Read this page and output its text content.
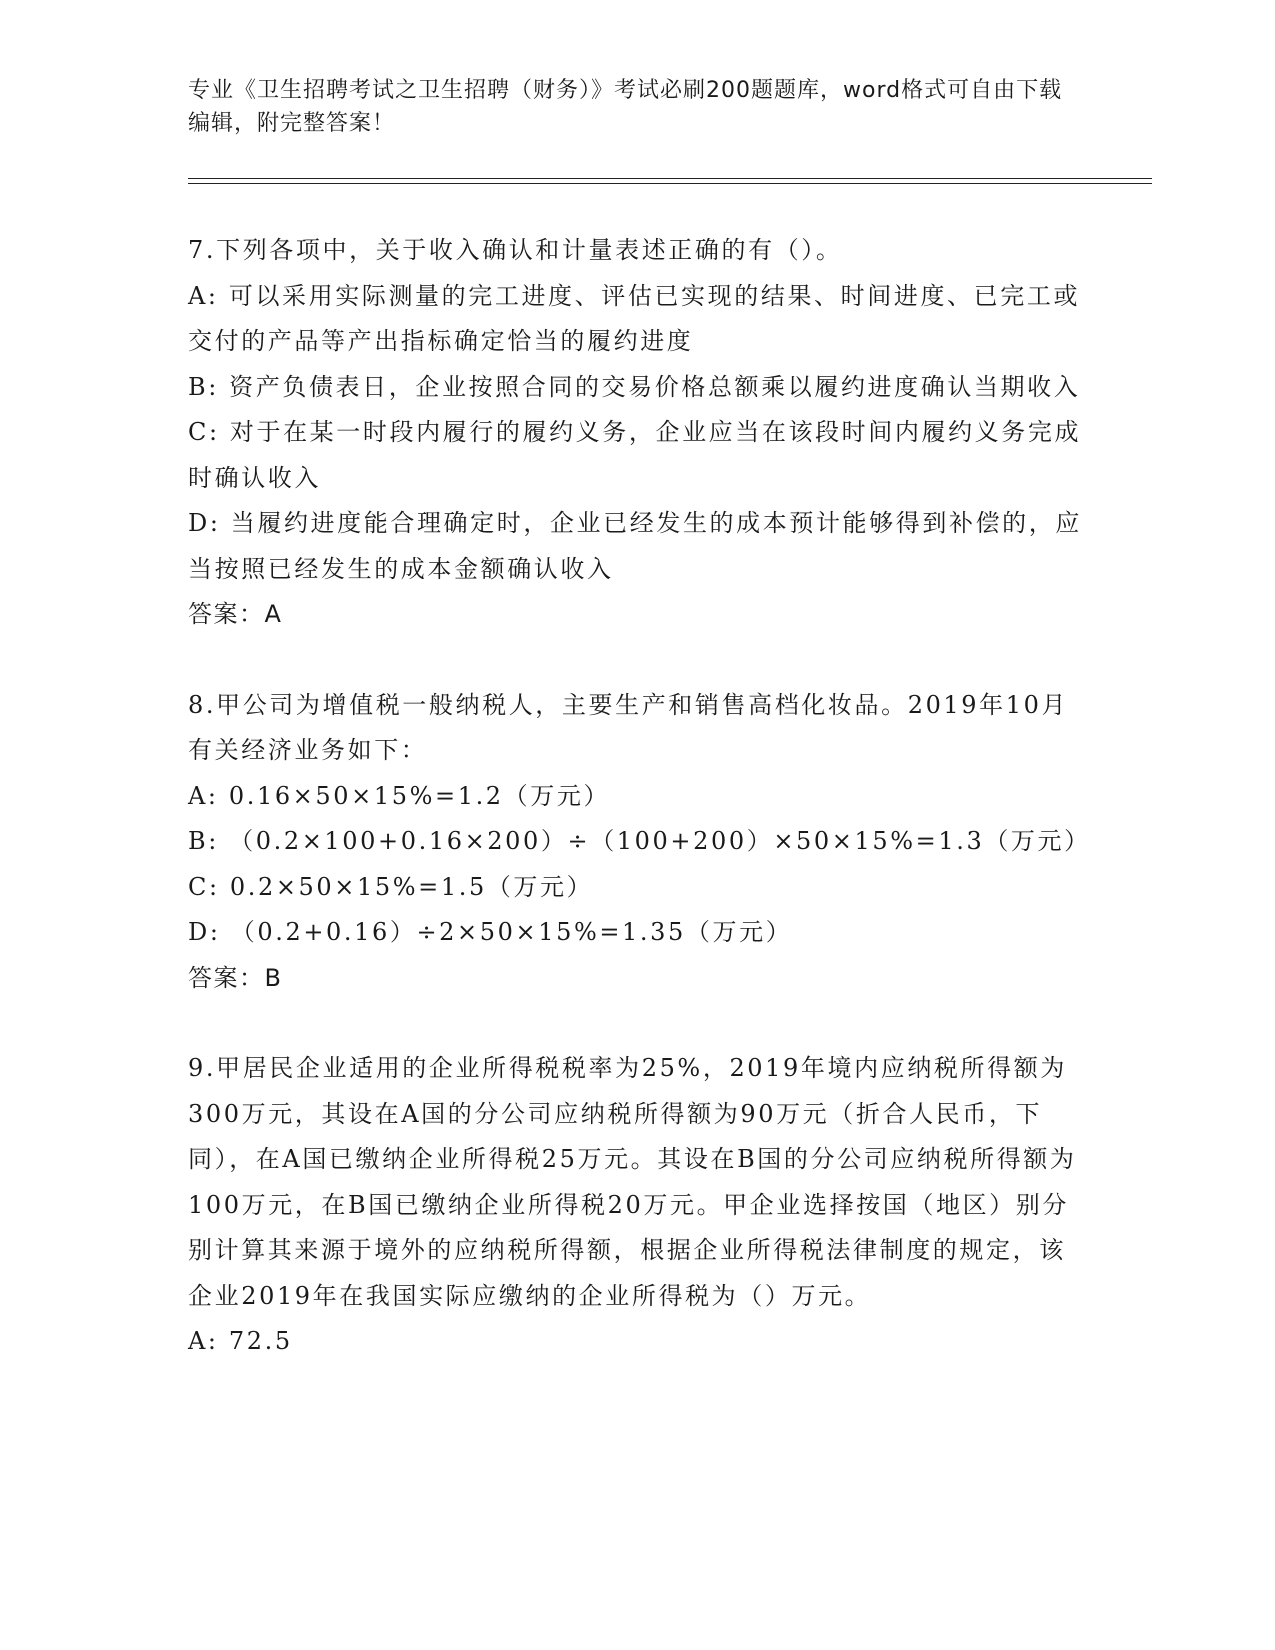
专业《卫生招聘考试之卫生招聘（财务）》考试必刷200题题库，word格式可自由下载编辑，附完整答案！
7.下列各项中，关于收入确认和计量表述正确的有（）。
A: 可以采用实际测量的完工进度、评估已实现的结果、时间进度、已完工或交付的产品等产出指标确定恰当的履约进度
B: 资产负债表日，企业按照合同的交易价格总额乘以履约进度确认当期收入
C: 对于在某一时段内履行的履约义务，企业应当在该段时间内履约义务完成时确认收入
D: 当履约进度能合理确定时，企业已经发生的成本预计能够得到补偿的，应当按照已经发生的成本金额确认收入
答案：A
8.甲公司为增值税一般纳税人，主要生产和销售高档化妆品。2019年10月有关经济业务如下：
A: 0.16×50×15%=1.2（万元）
B: （0.2×100+0.16×200）÷（100+200）×50×15%=1.3（万元）
C: 0.2×50×15%=1.5（万元）
D: （0.2+0.16）÷2×50×15%=1.35（万元）
答案：B
9.甲居民企业适用的企业所得税税率为25%，2019年境内应纳税所得额为300万元，其设在A国的分公司应纳税所得额为90万元（折合人民币，下同），在A国已缴纳企业所得税25万元。其设在B国的分公司应纳税所得额为100万元，在B国已缴纳企业所得税20万元。甲企业选择按国（地区）别分别计算其来源于境外的应纳税所得额，根据企业所得税法律制度的规定，该企业2019年在我国实际应缴纳的企业所得税为（）万元。
A: 72.5
